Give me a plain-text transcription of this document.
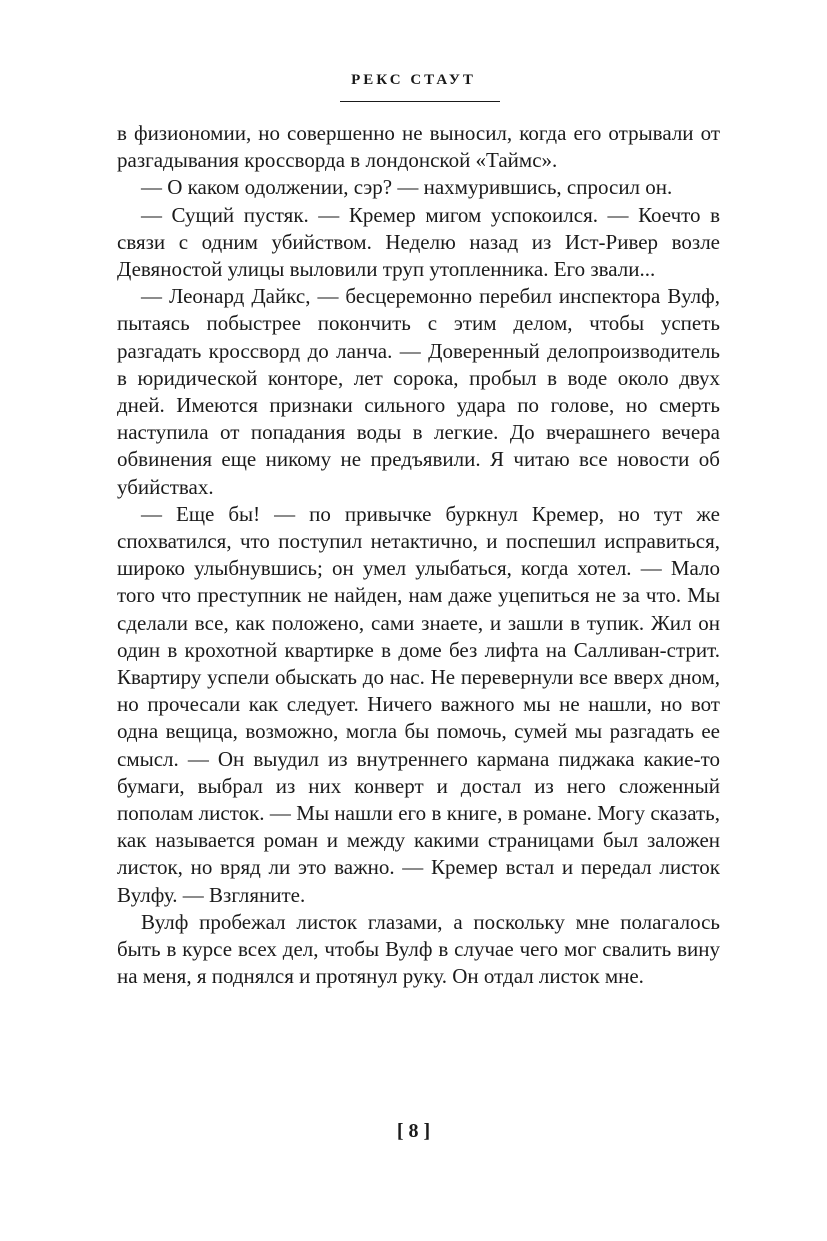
РЕКС СТАУТ

в физиономии, но совершенно не выносил, когда его отрывали от разгадывания кроссворда в лондонской «Таймс».

— О каком одолжении, сэр? — нахмурившись, спросил он.

— Сущий пустяк. — Кремер мигом успокоился. — Коечто в связи с одним убийством. Неделю назад из Ист-Ривер возле Девяностой улицы выловили труп утопленника. Его звали...

— Леонард Дайкс, — бесцеремонно перебил инспектора Вулф, пытаясь побыстрее покончить с этим делом, чтобы успеть разгадать кроссворд до ланча. — Доверенный делопроизводитель в юридической конторе, лет сорока, пробыл в воде около двух дней. Имеются признаки сильного удара по голове, но смерть наступила от попадания воды в легкие. До вчерашнего вечера обвинения еще никому не предъявили. Я читаю все новости об убийствах.

— Еще бы! — по привычке буркнул Кремер, но тут же спохватился, что поступил нетактично, и поспешил исправиться, широко улыбнувшись; он умел улыбаться, когда хотел. — Мало того что преступник не найден, нам даже уцепиться не за что. Мы сделали все, как положено, сами знаете, и зашли в тупик. Жил он один в крохотной квартирке в доме без лифта на Салливан-стрит. Квартиру успели обыскать до нас. Не перевернули все вверх дном, но прочесали как следует. Ничего важного мы не нашли, но вот одна вещица, возможно, могла бы помочь, сумей мы разгадать ее смысл. — Он выудил из внутреннего кармана пиджака какие-то бумаги, выбрал из них конверт и достал из него сложенный пополам листок. — Мы нашли его в книге, в романе. Могу сказать, как называется роман и между какими страницами был заложен листок, но вряд ли это важно. — Кремер встал и передал листок Вулфу. — Взгляните.

Вулф пробежал листок глазами, а поскольку мне полагалось быть в курсе всех дел, чтобы Вулф в случае чего мог свалить вину на меня, я поднялся и протянул руку. Он отдал листок мне.

[ 8 ]
